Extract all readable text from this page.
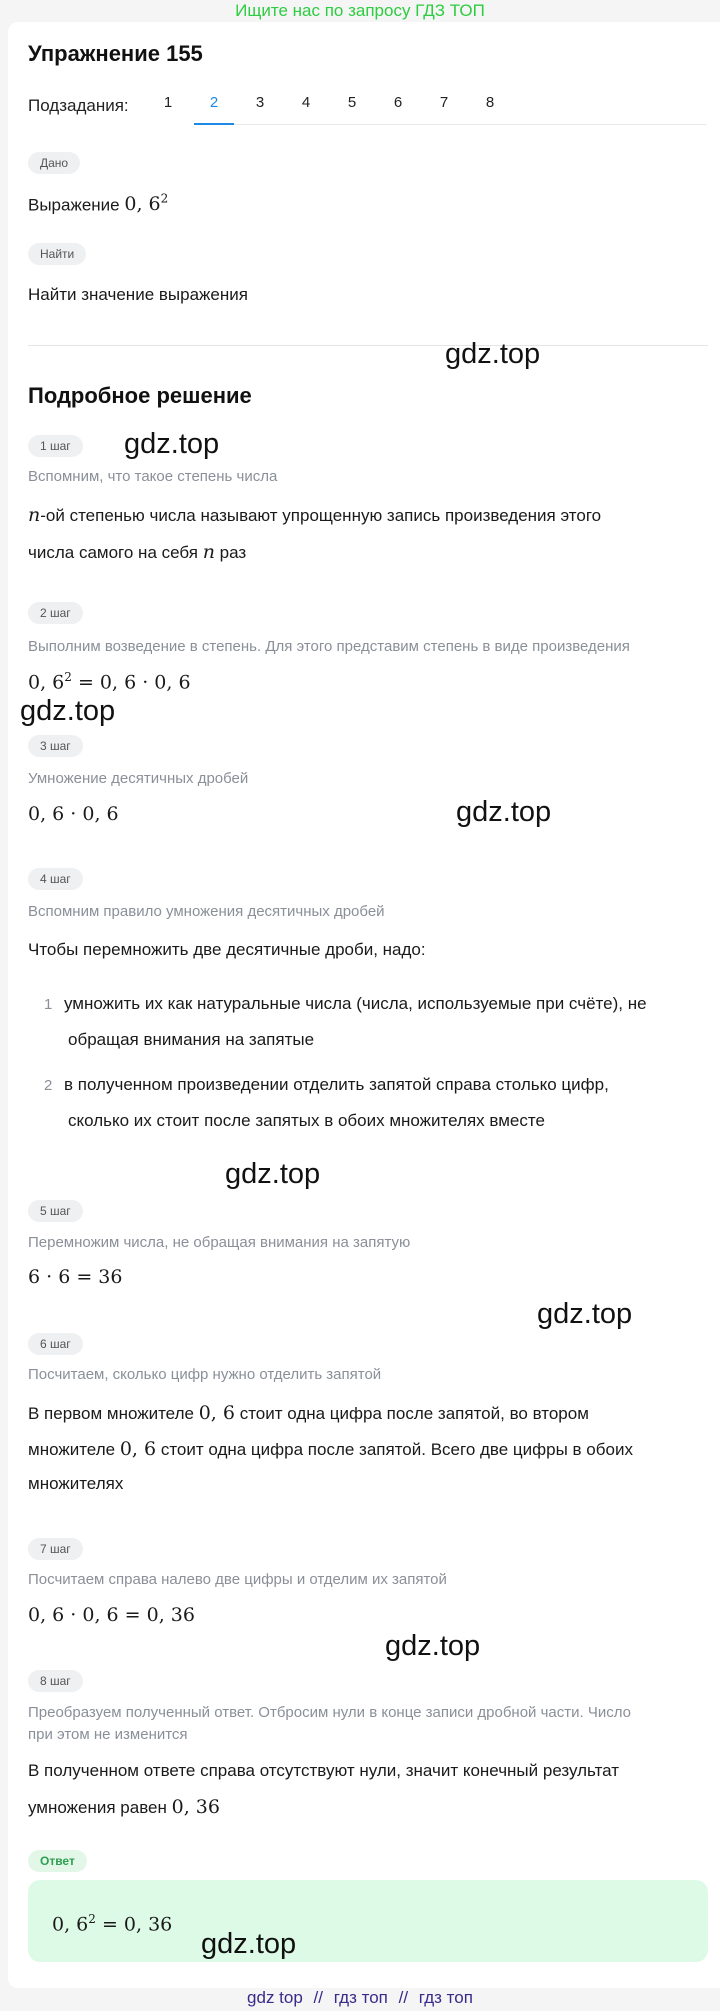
Ищите нас по запросу ГДЗ ТОП
Упражнение 155
Подзадания:	1	2	3	4	5	6	7	8
Дано
Выражение 0, $6^2$
Найти
Найти значение выражения
gdz.top
Подробное решение
1 шаг	gdz.top
Вспомним, что такое степень числа
n-ой степенью числа называют упрощенную запись произведения этого
числа самого на себя n раз
2 шаг
Выполним возведение в степень. Для этого представим степень в виде произведения
0, $6^2 = 0$, 6 · 0, 6
gdz.top
3 шаг
Умножение десятичных дробей
0, 6 · 0, 6	gdz.top
4 шаг
Вспомним правило умножения десятичных дробей
Чтобы перемножить две десятичные дроби, надо:
1 умножить их как натуральные числа (числа, используемые при счёте), не
обращая внимания на запятые
2 в полученном произведении отделить запятой справа столько цифр,
сколько их стоит после запятых в обоих множителях вместе
gdz.top
5 шаг
Перемножим числа, не обращая внимания на запятую
6 · 6 = 36
gdz.top
6 шаг
Посчитаем, сколько цифр нужно отделить запятой
В первом множителе 0, 6 стоит одна цифра после запятой, во втором
множителе 0, 6 стоит одна цифра после запятой. Всего две цифры в обоих
множителях
7 шаг
Посчитаем справа налево две цифры и отделим их запятой
0, 6 · 0, 6 = 0, 36
gdz.top
8 шаг
Преобразуем полученный ответ. Отбросим нули в конце записи дробной части. Число
при этом не изменится
В полученном ответе справа отсутствуют нули, значит конечный результат
умножения равен 0, 36
Ответ
0, $6^2 = 0$, 36
gdz.top
gdz top // гдз топ // гдз топ
